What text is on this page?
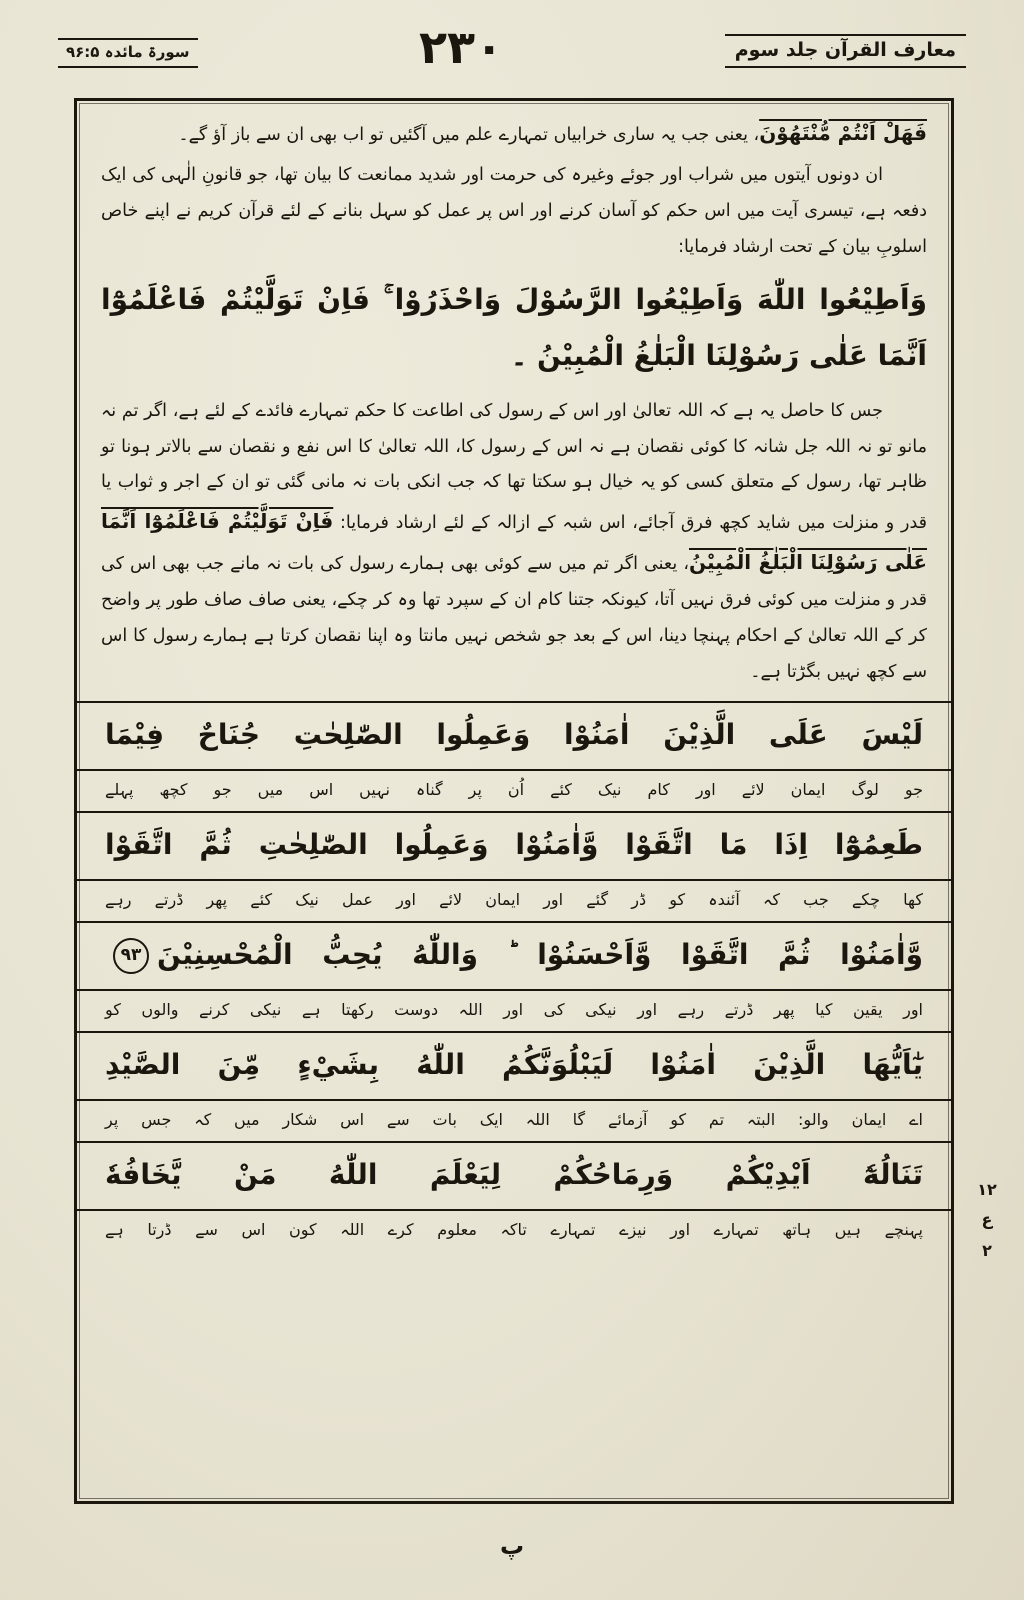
معارف القرآن جلد سوم
۲۳۰
سورۃ مائدہ ۹۶:۵
فَهَلْ اَنْتُمْ مُّنْتَهُوْنَ، یعنی جب یہ ساری خرابیاں تمہارے علم میں آگئیں تو اب بھی ان سے باز آؤ گے۔
ان دونوں آیتوں میں شراب اور جوئے وغیرہ کی حرمت اور شدید ممانعت کا بیان تھا، جو قانونِ الٰہی کی ایک دفعہ ہے، تیسری آیت میں اس حکم کو آسان کرنے اور اس پر عمل کو سہل بنانے کے لئے قرآن کریم نے اپنے خاص اسلوبِ بیان کے تحت ارشاد فرمایا:
وَاَطِيْعُوا اللّٰهَ وَاَطِيْعُوا الرَّسُوْلَ وَاحْذَرُوْا ۚ فَاِنْ تَوَلَّيْتُمْ فَاعْلَمُوْٓا اَنَّمَا عَلٰى رَسُوْلِنَا الْبَلٰغُ الْمُبِيْنُ ۔
جس کا حاصل یہ ہے کہ اللہ تعالیٰ اور اس کے رسول کی اطاعت کا حکم تمہارے فائدے کے لئے ہے، اگر تم نہ مانو تو نہ اللہ جل شانہ کا کوئی نقصان ہے نہ اس کے رسول کا، اللہ تعالیٰ کا اس نفع و نقصان سے بالاتر ہونا تو ظاہر تھا، رسول کے متعلق کسی کو یہ خیال ہو سکتا تھا کہ جب انکی بات نہ مانی گئی تو ان کے اجر و ثواب یا قدر و منزلت میں شاید کچھ فرق آجائے، اس شبہ کے ازالہ کے لئے ارشاد فرمایا: فَاِنْ تَوَلَّيْتُمْ فَاعْلَمُوْٓا اَنَّمَا عَلٰى رَسُوْلِنَا الْبَلٰغُ الْمُبِيْنُ، یعنی اگر تم میں سے کوئی بھی ہمارے رسول کی بات نہ مانے جب بھی اس کی قدر و منزلت میں کوئی فرق نہیں آتا، کیونکہ جتنا کام ان کے سپرد تھا وہ کر چکے، یعنی صاف صاف طور پر واضح کر کے اللہ تعالیٰ کے احکام پہنچا دینا، اس کے بعد جو شخص نہیں مانتا وہ اپنا نقصان کرتا ہے ہمارے رسول کا اس سے کچھ نہیں بگڑتا ہے۔
لَيْسَ عَلَى الَّذِيْنَ اٰمَنُوْا وَعَمِلُوا الصّٰلِحٰتِ جُنَاحٌ فِيْمَا
جو لوگ ایمان لائے اور کام نیک کئے اُن پر گناہ نہیں اس میں جو کچھ پہلے
طَعِمُوْٓا اِذَا مَا اتَّقَوْا وَّاٰمَنُوْا وَعَمِلُوا الصّٰلِحٰتِ ثُمَّ اتَّقَوْا
کھا چکے جب کہ آئندہ کو ڈر گئے اور ایمان لائے اور عمل نیک کئے پھر ڈرتے رہے
وَّاٰمَنُوْا ثُمَّ اتَّقَوْا وَّاَحْسَنُوْا ؕ وَاللّٰهُ يُحِبُّ الْمُحْسِنِيْنَ۹۳
اور یقین کیا پھر ڈرتے رہے اور نیکی کی اور اللہ دوست رکھتا ہے نیکی کرنے والوں کو
يٰٓاَيُّهَا الَّذِيْنَ اٰمَنُوْا لَيَبْلُوَنَّكُمُ اللّٰهُ بِشَيْءٍ مِّنَ الصَّيْدِ
اے ایمان والو: البتہ تم کو آزمائے گا اللہ ایک بات سے اس شکار میں کہ جس پر
تَنَالُهٗٓ اَيْدِيْكُمْ وَرِمَاحُكُمْ لِيَعْلَمَ اللّٰهُ مَنْ يَّخَافُهٗ
پہنچے ہیں ہاتھ تمہارے اور نیزے تمہارے تاکہ معلوم کرے اللہ کون اس سے ڈرتا ہے
۱۲
ع
۲
پ
